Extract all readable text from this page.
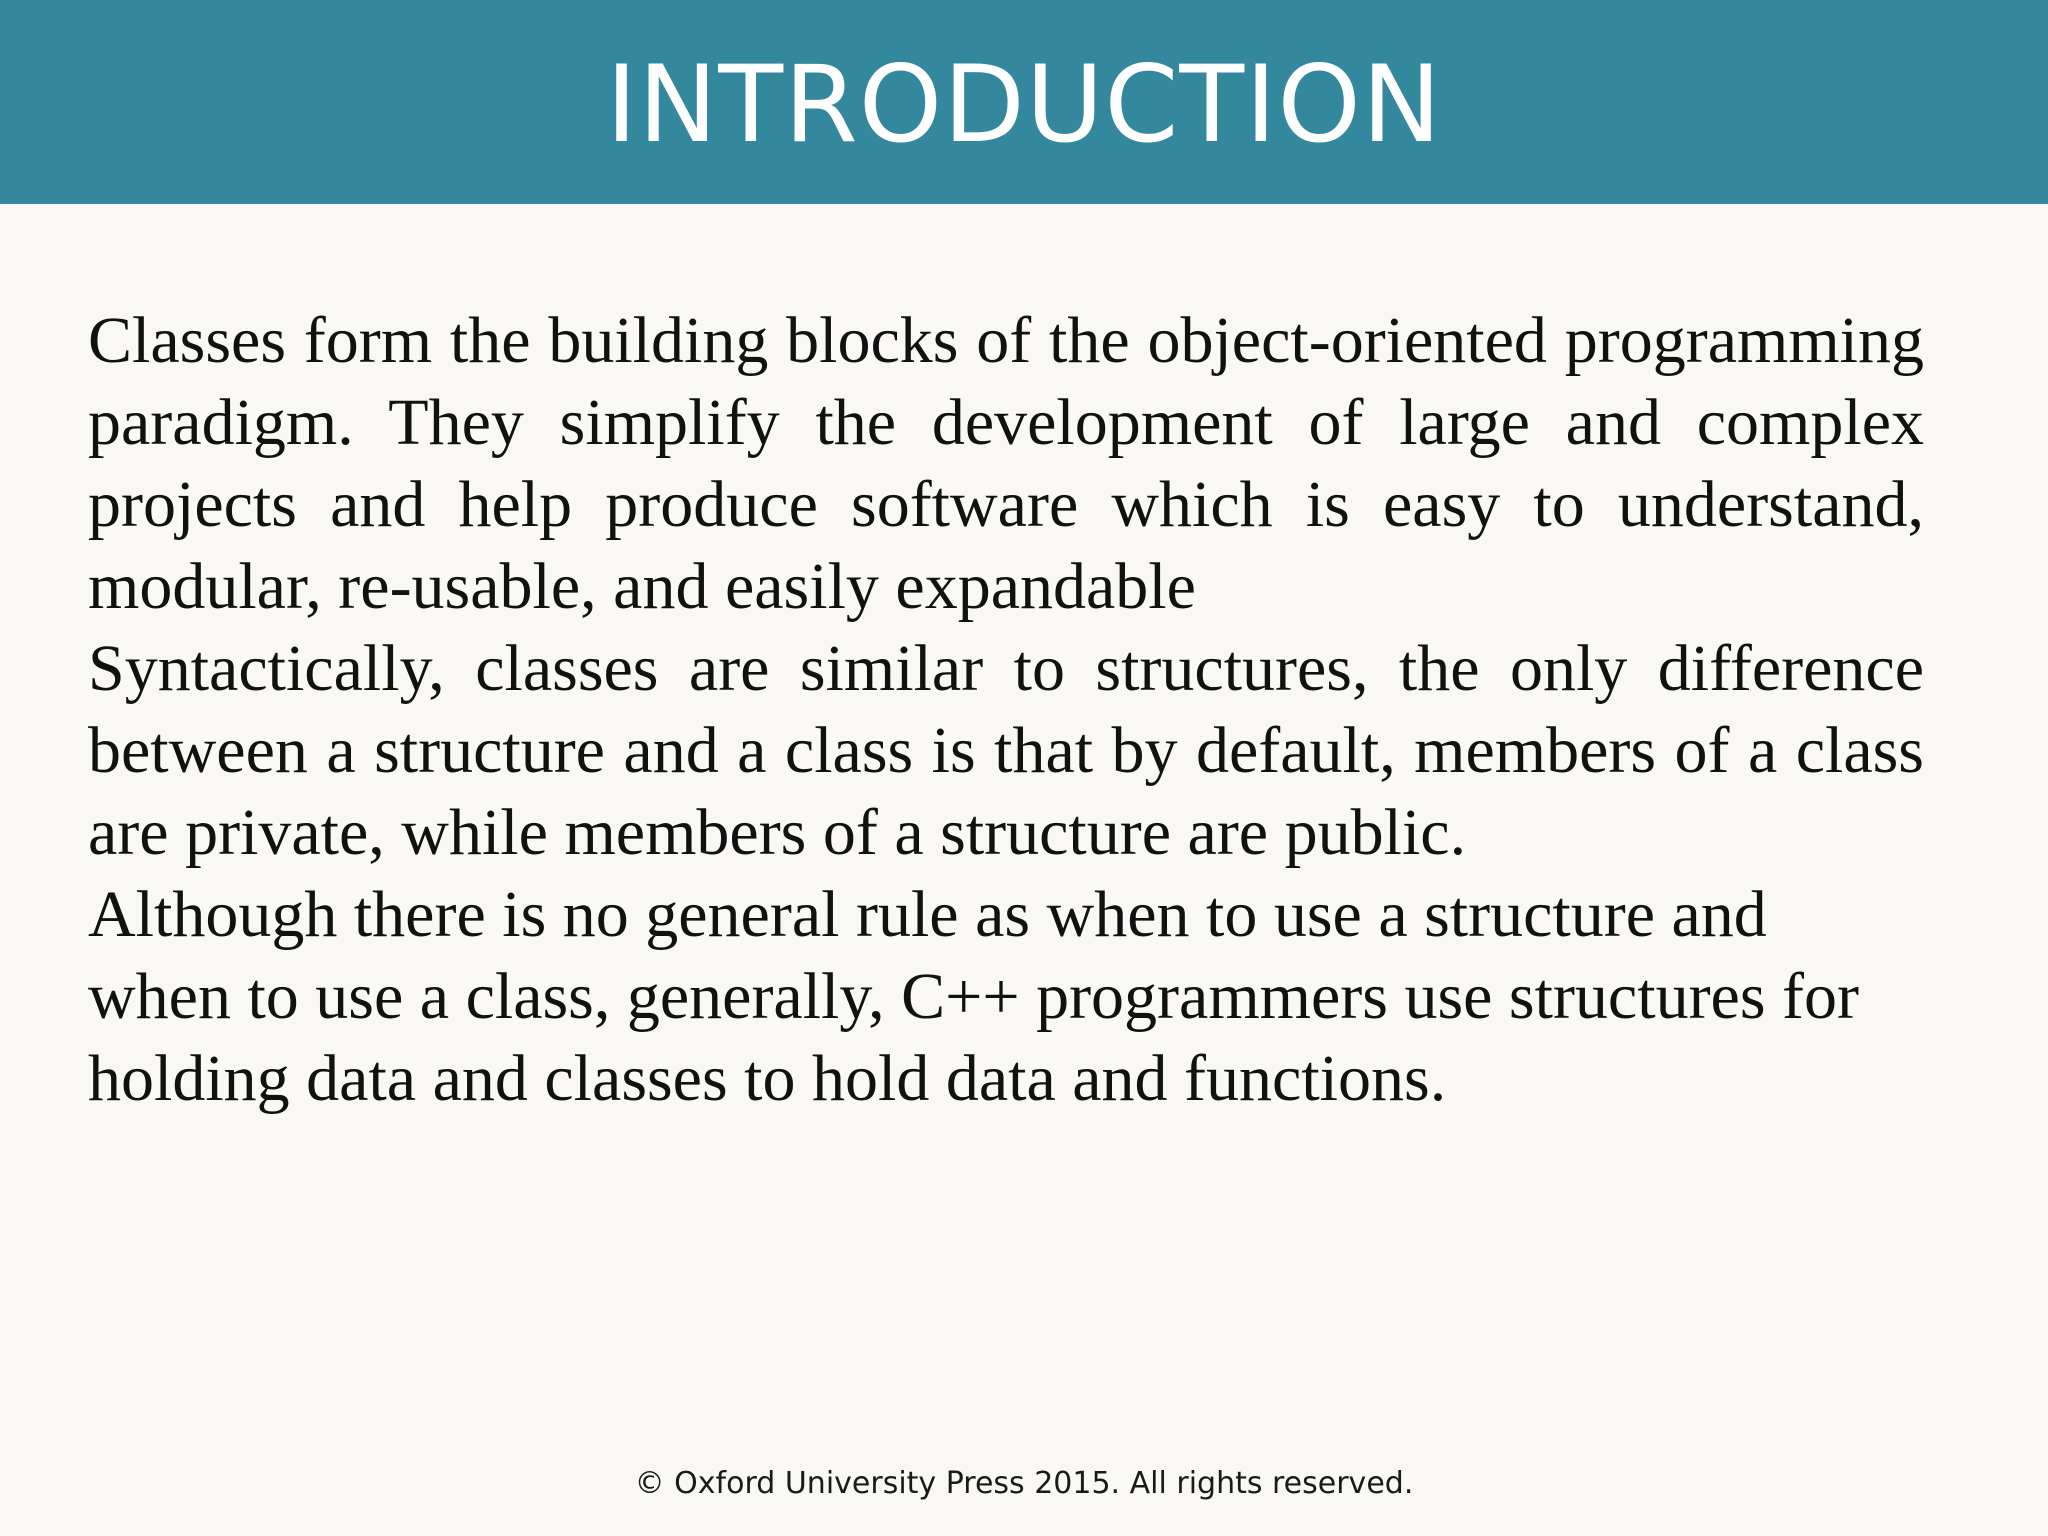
INTRODUCTION

Classes form the building blocks of the object-oriented programming paradigm. They simplify the development of large and complex projects and help produce software which is easy to understand, modular, re-usable, and easily expandable

Syntactically, classes are similar to structures, the only difference between a structure and a class is that by default, members of a class are private, while members of a structure are public.

Although there is no general rule as when to use a structure and when to use a class, generally, C++ programmers use structures for holding data and classes to hold data and functions.

© Oxford University Press 2015. All rights reserved.
